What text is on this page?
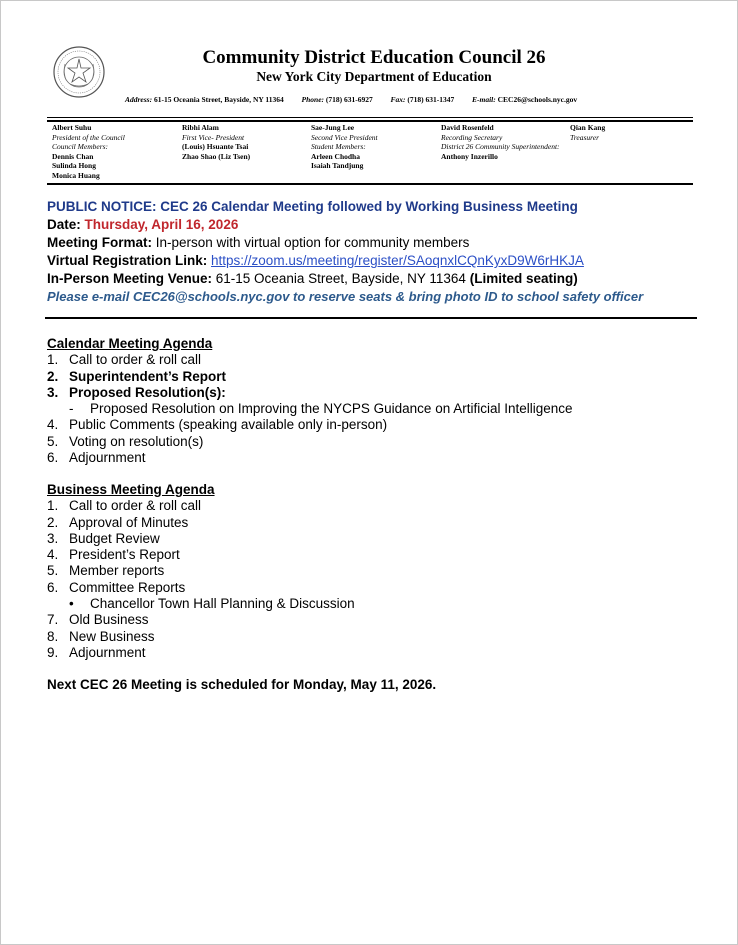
Community District Education Council 26
New York City Department of Education
Address: 61-15 Oceania Street, Bayside, NY 11364 Phone: (718) 631-6927 Fax: (718) 631-1347 E-mail: CEC26@schools.nyc.gov
Albert Suhu
President of the Council
Council Members:
Dennis Chan
Sulinda Hong
Monica Huang
Ribhi Alam
First Vice- President
(Louis) Hsuante Tsai
Zhao Shao (Liz Tsen)
Sae-Jung Lee
Second Vice President
Student Members:
Arleen Chodha
Isaiah Tandjung
David Rosenfeld
Recording Secretary
District 26 Community Superintendent:
Anthony Inzerillo
Qian Kang
Treasurer
PUBLIC NOTICE: CEC 26 Calendar Meeting followed by Working Business Meeting
Date: Thursday, April 16, 2026
Meeting Format: In-person with virtual option for community members
Virtual Registration Link: https://zoom.us/meeting/register/SAoqnxlCQnKyxD9W6rHKJA
In-Person Meeting Venue: 61-15 Oceania Street, Bayside, NY 11364 (Limited seating)
Please e-mail CEC26@schools.nyc.gov to reserve seats & bring photo ID to school safety officer
Calendar Meeting Agenda
1. Call to order & roll call
2. Superintendent’s Report
3. Proposed Resolution(s):
- Proposed Resolution on Improving the NYCPS Guidance on Artificial Intelligence
4. Public Comments (speaking available only in-person)
5. Voting on resolution(s)
6. Adjournment
Business Meeting Agenda
1. Call to order & roll call
2. Approval of Minutes
3. Budget Review
4. President’s Report
5. Member reports
6. Committee Reports
• Chancellor Town Hall Planning & Discussion
7. Old Business
8. New Business
9. Adjournment
Next CEC 26 Meeting is scheduled for Monday, May 11, 2026.
